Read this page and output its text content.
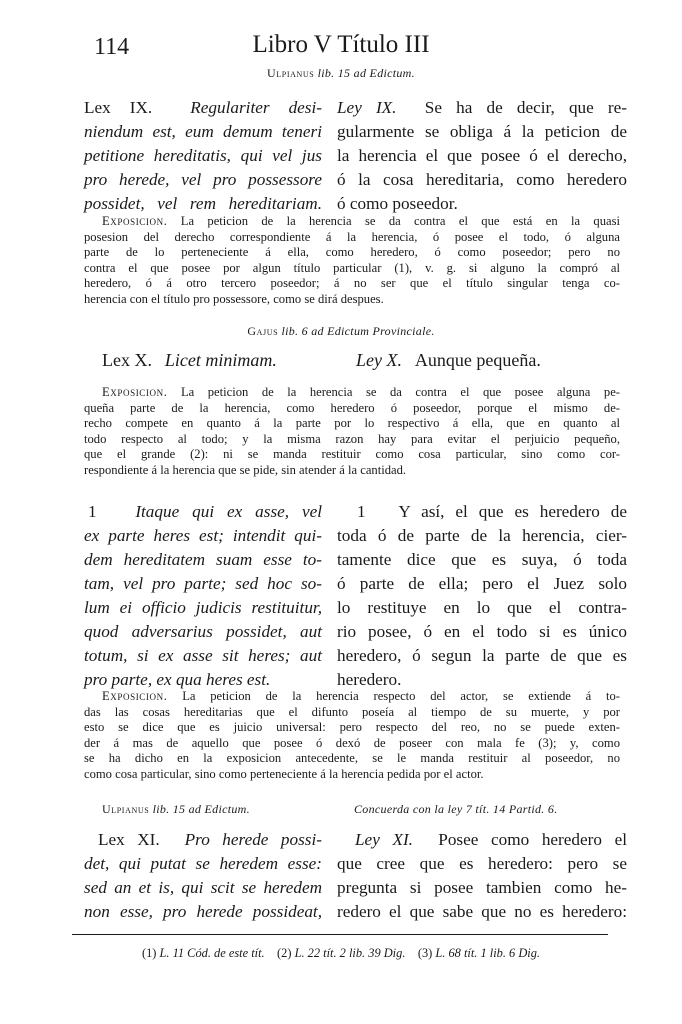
114	Libro V Título III
Ulpianus lib. 15 ad Edictum.
Lex IX. Regulariter desi-
niendum est, eum demum teneri
petitione hereditatis, qui vel jus
pro herede, vel pro possessore
possidet, vel rem hereditariam.
Ley IX. Se ha de decir, que re-
gularmente se obliga á la peticion de
la herencia el que posee ó el derecho,
ó la cosa hereditaria, como heredero
ó como poseedor.
Exposicion. La peticion de la herencia se da contra el que está en la quasi
posesion del derecho correspondiente á la herencia, ó posee el todo, ó alguna
parte de lo perteneciente á ella, como heredero, ó como poseedor; pero no
contra el que posee por algun título particular (1), v. g. si alguno la compró al
heredero, ó á otro tercero poseedor; á no ser que el título singular tenga co-
herencia con el título pro possessore, como se dirá despues.
Gajus lib. 6 ad Edictum Provinciale.
Lex X. Licet minimam.	Ley X. Aunque pequeña.
Exposicion. La peticion de la herencia se da contra el que posee alguna pe-
queña parte de la herencia, como heredero ó poseedor, porque el mismo de-
recho compete en quanto á la parte por lo respectivo á ella, que en quanto al
todo respecto al todo; y la misma razon hay para evitar el perjuicio pequeño,
que el grande (2): ni se manda restituir como cosa particular, sino como cor-
respondiente á la herencia que se pide, sin atender á la cantidad.
1 Itaque qui ex asse, vel
ex parte heres est; intendit qui-
dem hereditatem suam esse to-
tam, vel pro parte; sed hoc so-
lum ei officio judicis restituitur,
quod adversarius possidet, aut
totum, si ex asse sit heres; aut
pro parte, ex qua heres est.
1 Y así, el que es heredero de
toda ó de parte de la herencia, cier-
tamente dice que es suya, ó toda
ó parte de ella; pero el Juez solo
lo restituye en lo que el contra-
rio posee, ó en el todo si es único
heredero, ó segun la parte de que es
heredero.
Exposicion. La peticion de la herencia respecto del actor, se extiende á to-
das las cosas hereditarias que el difunto poseía al tiempo de su muerte, y por
esto se dice que es juicio universal: pero respecto del reo, no se puede exten-
der á mas de aquello que posee ó dexó de poseer con mala fe (3); y, como
se ha dicho en la exposicion antecedente, se le manda restituir al poseedor, no
como cosa particular, sino como perteneciente á la herencia pedida por el actor.
Ulpianus lib. 15 ad Edictum.	Concuerda con la ley 7 tít. 14 Partid. 6.
Lex XI. Pro herede possi-
det, qui putat se heredem esse:
sed an et is, qui scit se heredem
non esse, pro herede possideat,
Ley XI. Posee como heredero el
que cree que es heredero: pero se
pregunta si posee tambien como he-
redero el que sabe que no es heredero:
(1) L. 11 Cód. de este tít. (2) L. 22 tít. 2 lib. 39 Dig. (3) L. 68 tít. 1 lib. 6 Dig.
